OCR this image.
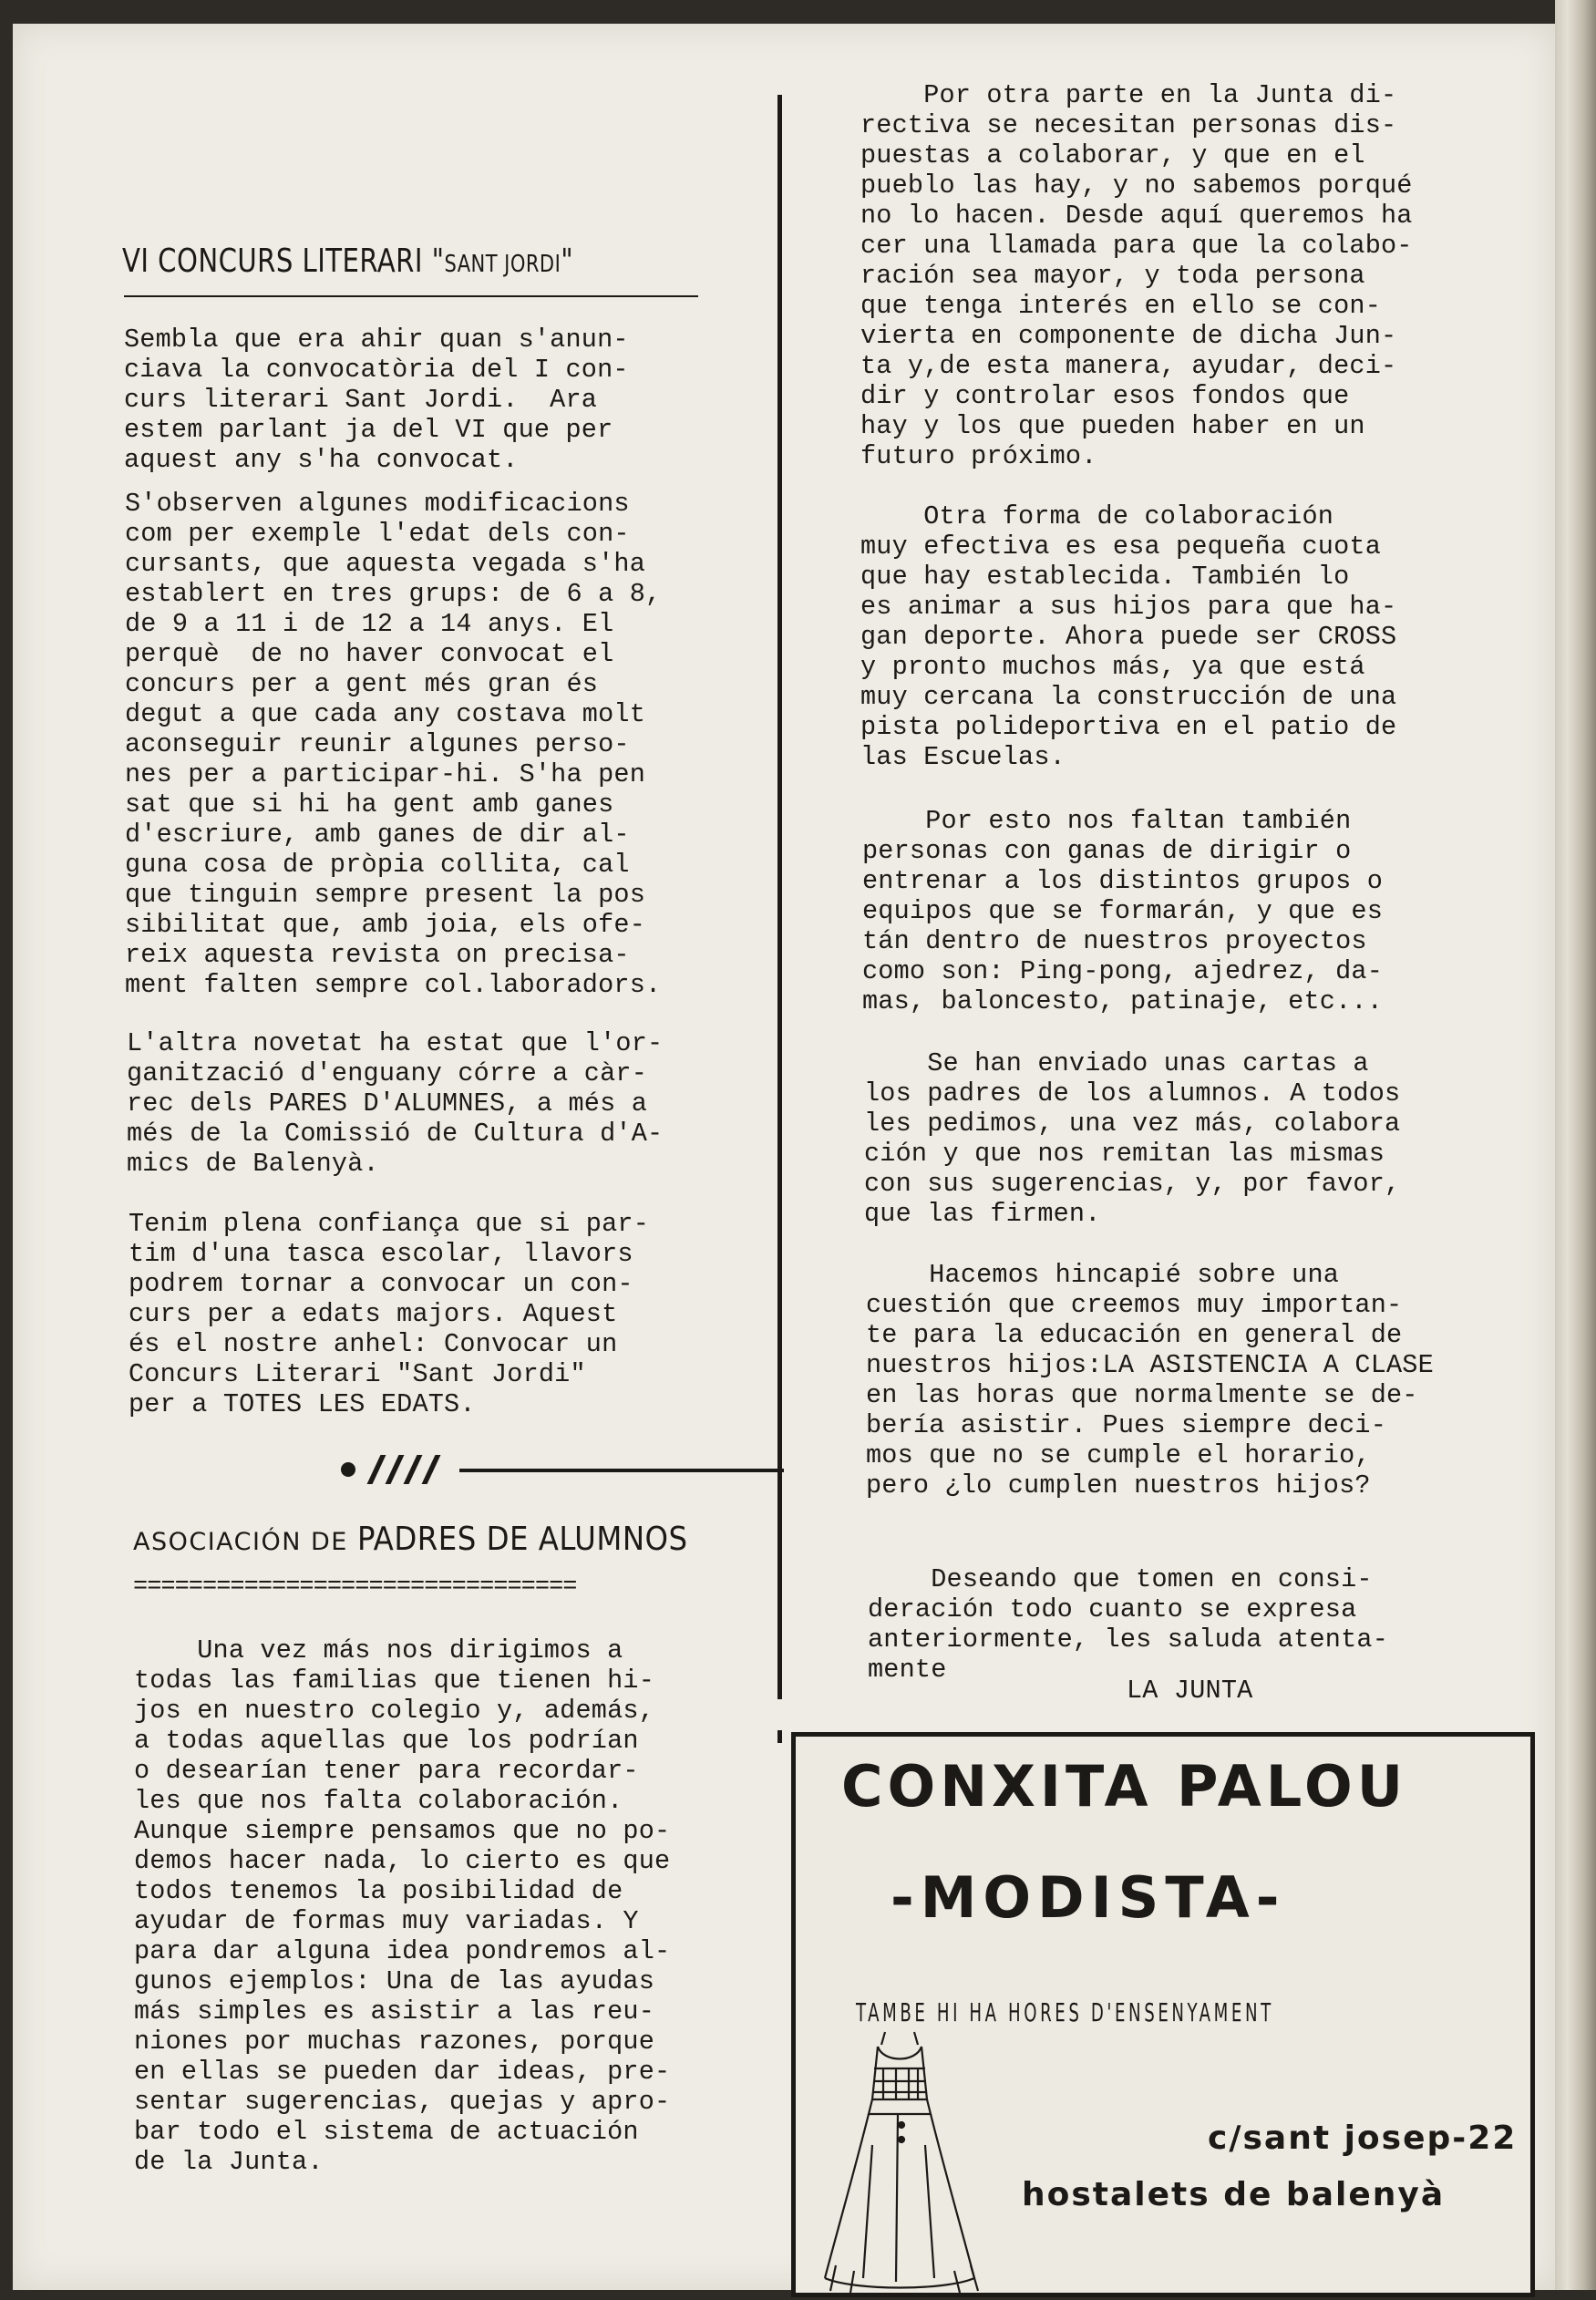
VI CONCURS LITERARI "SANT JORDI"
Sembla que era ahir quan s'anun-
ciava la convocatòria del I con-
curs literari Sant Jordi.  Ara
estem parlant ja del VI que per
aquest any s'ha convocat.
S'observen algunes modificacions
com per exemple l'edat dels con-
cursants, que aquesta vegada s'ha
establert en tres grups: de 6 a 8,
de 9 a 11 i de 12 a 14 anys. El
perquè  de no haver convocat el
concurs per a gent més gran és
degut a que cada any costava molt
aconseguir reunir algunes perso-
nes per a participar-hi. S'ha pen
sat que si hi ha gent amb ganes
d'escriure, amb ganes de dir al-
guna cosa de pròpia collita, cal
que tinguin sempre present la pos
sibilitat que, amb joia, els ofe-
reix aquesta revista on precisa-
ment falten sempre col.laboradors.
L'altra novetat ha estat que l'or-
ganització d'enguany córre a càr-
rec dels PARES D'ALUMNES, a més a
més de la Comissió de Cultura d'A-
mics de Balenyà.
Tenim plena confiança que si par-
tim d'una tasca escolar, llavors
podrem tornar a convocar un con-
curs per a edats majors. Aquest
és el nostre anhel: Convocar un
Concurs Literari "Sant Jordi"
per a TOTES LES EDATS.
ASOCIACIÓN DE PADRES DE ALUMNOS
================================
Una vez más nos dirigimos a
todas las familias que tienen hi-
jos en nuestro colegio y, además,
a todas aquellas que los podrían
o desearían tener para recordar-
les que nos falta colaboración.
Aunque siempre pensamos que no po-
demos hacer nada, lo cierto es que
todos tenemos la posibilidad de
ayudar de formas muy variadas. Y
para dar alguna idea pondremos al-
gunos ejemplos: Una de las ayudas
más simples es asistir a las reu-
niones por muchas razones, porque
en ellas se pueden dar ideas, pre-
sentar sugerencias, quejas y apro-
bar todo el sistema de actuación
de la Junta.
Por otra parte en la Junta di-
rectiva se necesitan personas dis-
puestas a colaborar, y que en el
pueblo las hay, y no sabemos porqué
no lo hacen. Desde aquí queremos ha
cer una llamada para que la colabo-
ración sea mayor, y toda persona
que tenga interés en ello se con-
vierta en componente de dicha Jun-
ta y,de esta manera, ayudar, deci-
dir y controlar esos fondos que
hay y los que pueden haber en un
futuro próximo.
Otra forma de colaboración
muy efectiva es esa pequeña cuota
que hay establecida. También lo
es animar a sus hijos para que ha-
gan deporte. Ahora puede ser CROSS
y pronto muchos más, ya que está
muy cercana la construcción de una
pista polideportiva en el patio de
las Escuelas.
Por esto nos faltan también
personas con ganas de dirigir o
entrenar a los distintos grupos o
equipos que se formarán, y que es
tán dentro de nuestros proyectos
como son: Ping-pong, ajedrez, da-
mas, baloncesto, patinaje, etc...
Se han enviado unas cartas a
los padres de los alumnos. A todos
les pedimos, una vez más, colabora
ción y que nos remitan las mismas
con sus sugerencias, y, por favor,
que las firmen.
Hacemos hincapié sobre una
cuestión que creemos muy importan-
te para la educación en general de
nuestros hijos:LA ASISTENCIA A CLASE
en las horas que normalmente se de-
bería asistir. Pues siempre deci-
mos que no se cumple el horario,
pero ¿lo cumplen nuestros hijos?
Deseando que tomen en consi-
deración todo cuanto se expresa
anteriormente, les saluda atenta-
mente
LA JUNTA
CONXITA PALOU
-MODISTA-
TAMBE HI HA HORES D'ENSENYAMENT
c/sant josep-22
hostalets de balenyà
